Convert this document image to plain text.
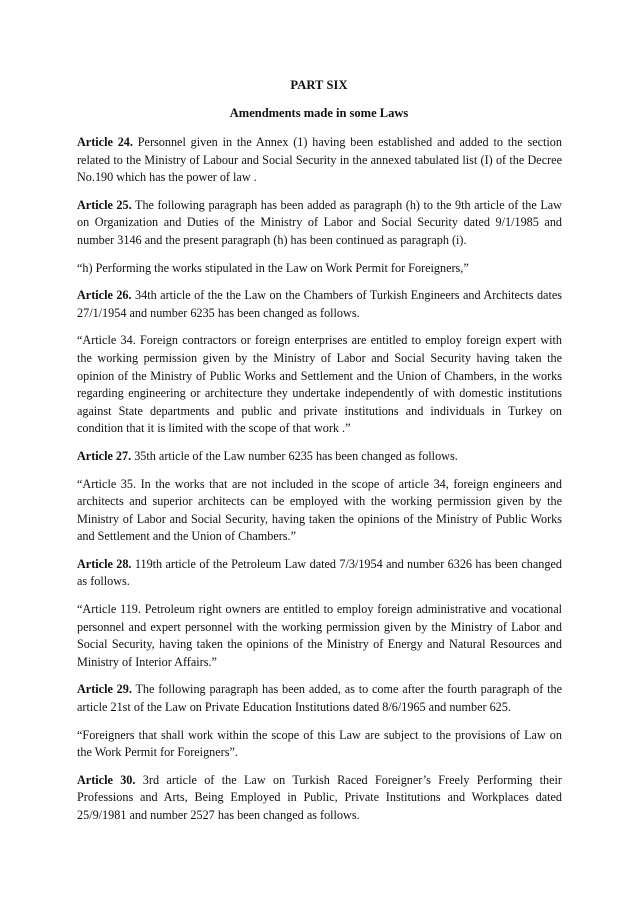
PART SIX
Amendments made in some Laws

Article 24. Personnel given in the Annex (1) having been established and added to the section related to the Ministry of Labour and Social Security in the annexed tabulated list (I) of the Decree No.190 which has the power of law .

Article 25. The following paragraph has been added as paragraph (h) to the 9th article of the Law on Organization and Duties of the Ministry of Labor and Social Security dated 9/1/1985 and number 3146 and the present paragraph (h) has been continued as paragraph (i).

“h) Performing the works stipulated in the Law on Work Permit for Foreigners,”

Article 26. 34th article of the the Law on the Chambers of Turkish Engineers and Architects dates 27/1/1954 and number 6235 has been changed as follows.

“Article 34. Foreign contractors or foreign enterprises are entitled to employ foreign expert with the working permission given by the Ministry of Labor and Social Security having taken the opinion of the Ministry of Public Works and Settlement and the Union of Chambers, in the works regarding engineering or architecture they undertake independently of with domestic institutions against State departments and public and private institutions and individuals in Turkey on condition that it is limited with the scope of that work .”

Article 27. 35th article of the Law number 6235 has been changed as follows.

“Article 35. In the works that are not included in the scope of article 34, foreign engineers and architects and superior architects can be employed with the working permission given by the Ministry of Labor and Social Security, having taken the opinions of the Ministry of Public Works and Settlement and the Union of Chambers.”

Article 28. 119th article of the Petroleum Law dated 7/3/1954 and number 6326 has been changed as follows.

“Article 119. Petroleum right owners are entitled to employ foreign administrative and vocational personnel and expert personnel with the working permission given by the Ministry of Labor and Social Security, having taken the opinions of the Ministry of Energy and Natural Resources and Ministry of Interior Affairs.”

Article 29. The following paragraph has been added, as to come after the fourth paragraph of the article 21st of the Law on Private Education Institutions dated 8/6/1965 and number 625.

“Foreigners that shall work within the scope of this Law are subject to the provisions of Law on the Work Permit for Foreigners”.

Article 30. 3rd article of the Law on Turkish Raced Foreigner’s Freely Performing their Professions and Arts, Being Employed in Public, Private Institutions and Workplaces dated 25/9/1981 and number 2527 has been changed as follows.
